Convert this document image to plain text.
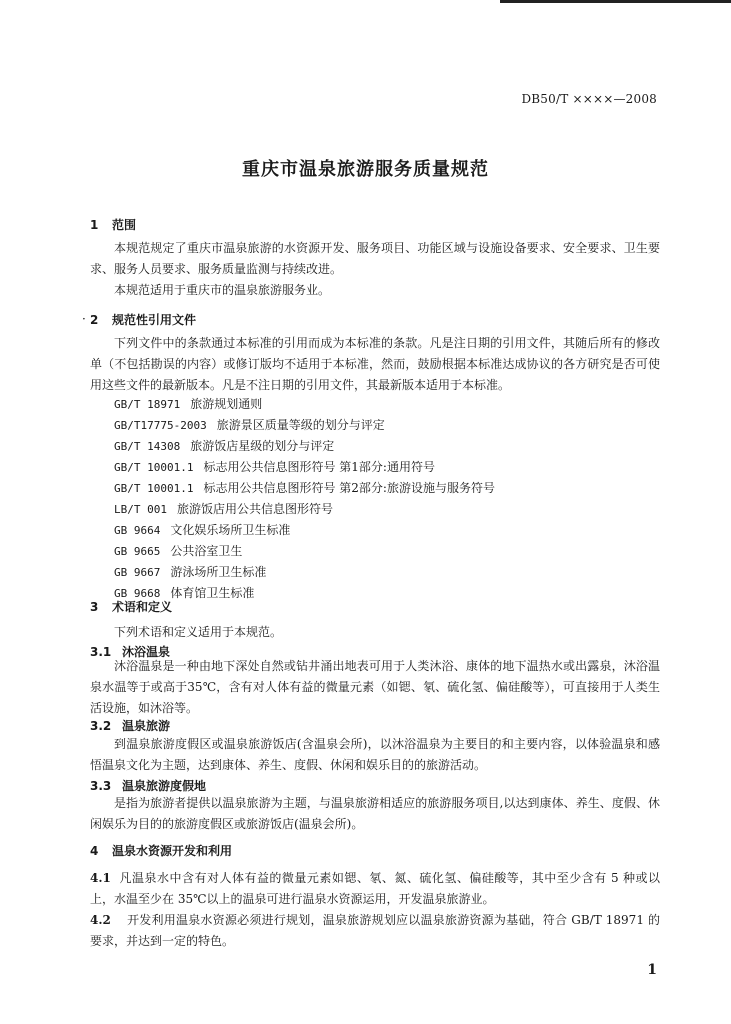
DB50/T ××××—2008
重庆市温泉旅游服务质量规范
1 范围
本规范规定了重庆市温泉旅游的水资源开发、服务项目、功能区域与设施设备要求、安全要求、卫生要求、服务人员要求、服务质量监测与持续改进。
本规范适用于重庆市的温泉旅游服务业。
· 2 规范性引用文件
下列文件中的条款通过本标准的引用而成为本标准的条款。凡是注日期的引用文件，其随后所有的修改单（不包括勘误的内容）或修订版均不适用于本标准，然而，鼓励根据本标准达成协议的各方研究是否可使用这些文件的最新版本。凡是不注日期的引用文件，其最新版本适用于本标准。
GB/T 18971 旅游规划通则
GB/T17775-2003 旅游景区质量等级的划分与评定
GB/T 14308 旅游饭店星级的划分与评定
GB/T 10001.1 标志用公共信息图形符号 第1部分:通用符号
GB/T 10001.1 标志用公共信息图形符号 第2部分:旅游设施与服务符号
LB/T 001 旅游饭店用公共信息图形符号
GB 9664 文化娱乐场所卫生标准
GB 9665 公共浴室卫生
GB 9667 游泳场所卫生标准
GB 9668 体育馆卫生标准
3 术语和定义
下列术语和定义适用于本规范。
3.1 沐浴温泉
沐浴温泉是一种由地下深处自然或钻井涌出地表可用于人类沐浴、康体的地下温热水或出露泉，沐浴温泉水温等于或高于35℃，含有对人体有益的微量元素（如锶、氡、硫化氢、偏硅酸等），可直接用于人类生活设施，如沐浴等。
3.2 温泉旅游
到温泉旅游度假区或温泉旅游饭店(含温泉会所)，以沐浴温泉为主要目的和主要内容，以体验温泉和感悟温泉文化为主题，达到康体、养生、度假、休闲和娱乐目的的旅游活动。
3.3 温泉旅游度假地
是指为旅游者提供以温泉旅游为主题，与温泉旅游相适应的旅游服务项目,以达到康体、养生、度假、休闲娱乐为目的的旅游度假区或旅游饭店(温泉会所)。
4 温泉水资源开发和利用
4.1 凡温泉水中含有对人体有益的微量元素如锶、氡、氮、硫化氢、偏硅酸等，其中至少含有 5 种或以上，水温至少在 35℃以上的温泉可进行温泉水资源运用，开发温泉旅游业。
4.2 开发利用温泉水资源必须进行规划，温泉旅游规划应以温泉旅游资源为基础，符合 GB/T 18971 的要求，并达到一定的特色。
1
